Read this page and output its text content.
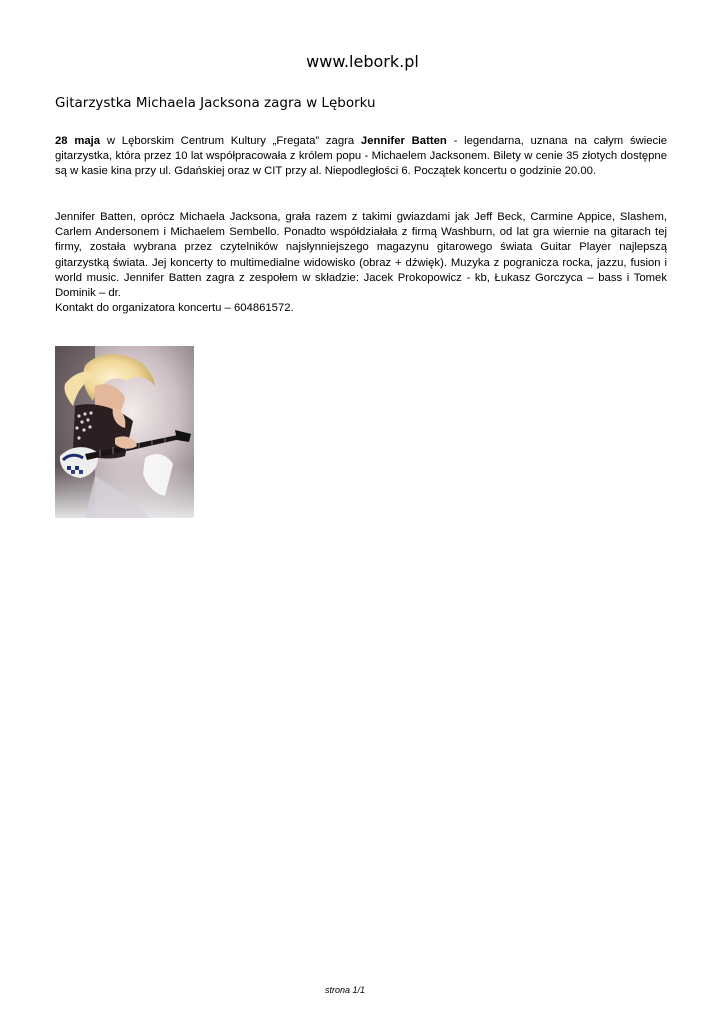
www.lebork.pl
Gitarzystka Michaela Jacksona zagra w Lęborku

28 maja w Lęborskim Centrum Kultury „Fregata” zagra Jennifer Batten - legendarna, uznana na całym świecie gitarzystka, która przez 10 lat współpracowała z królem popu - Michaelem Jacksonem. Bilety w cenie 35 złotych dostępne są w kasie kina przy ul. Gdańskiej oraz w CIT przy al. Niepodległości 6. Początek koncertu o godzinie 20.00.

Jennifer Batten, oprócz Michaela Jacksona, grała razem z takimi gwiazdami jak Jeff Beck, Carmine Appice, Slashem, Carlem Andersonem i Michaelem Sembello. Ponadto współdziałała z firmą Washburn, od lat gra wiernie na gitarach tej firmy, została wybrana przez czytelników najsłynniejszego magazynu gitarowego świata Guitar Player najlepszą gitarzystką świata. Jej koncerty to multimedialne widowisko (obraz + dźwięk). Muzyka z pogranicza rocka, jazzu, fusion i world music. Jennifer Batten zagra z zespołem w składzie: Jacek Prokopowicz - kb, Łukasz Gorczyca – bass i Tomek Dominik – dr.

Kontakt do organizatora koncertu – 604861572.

strona 1/1
